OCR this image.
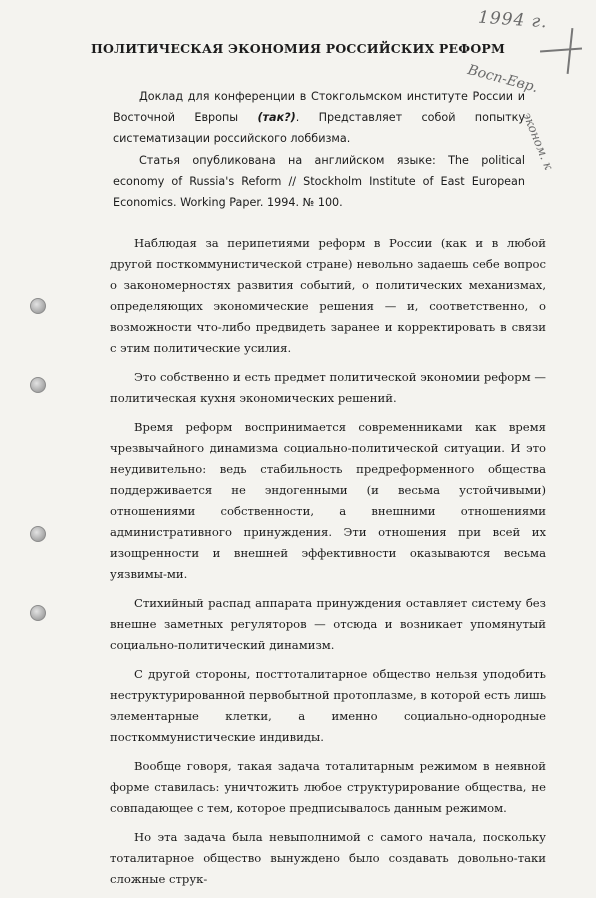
1994 г.
Восп-Евр.
эконом. к
ПОЛИТИЧЕСКАЯ ЭКОНОМИЯ РОССИЙСКИХ РЕФОРМ

Доклад для конференции в Стокгольмском институте России и Восточной Европы (так?). Представляет собой попытку систематизации российского лоббизма.

Статья опубликована на английском языке: The political economy of Russia's Reform // Stockholm Institute of East European Economics. Working Paper. 1994. № 100.

Наблюдая за перипетиями реформ в России (как и в любой другой посткоммунистической стране) невольно задаешь себе вопрос о закономерностях развития событий, о политических механизмах, определяющих экономические решения — и, соответственно, о возможности что-либо предвидеть заранее и корректировать в связи с этим политические усилия.

Это собственно и есть предмет политической экономии реформ — политическая кухня экономических решений.

Время реформ воспринимается современниками как время чрезвычайного динамизма социально-политической ситуации. И это неудивительно: ведь стабильность предреформенного общества поддерживается не эндогенными (и весьма устойчивыми) отношениями собственности, а внешними отношениями административного принуждения. Эти отношения при всей их изощренности и внешней эффективности оказываются весьма уязвимы-ми.

Стихийный распад аппарата принуждения оставляет систему без внешне заметных регуляторов — отсюда и возникает упомянутый социально-политический динамизм.

С другой стороны, посттоталитарное общество нельзя уподобить неструктурированной первобытной протоплазме, в которой есть лишь элементарные клетки, а именно социально-однородные посткоммунистические индивиды.

Вообще говоря, такая задача тоталитарным режимом в неявной форме ставилась: уничтожить любое структурирование общества, не совпадающее с тем, которое предписывалось данным режимом.

Но эта задача была невыполнимой с самого начала, поскольку тоталитарное общество вынуждено было создавать довольно-таки сложные струк-
